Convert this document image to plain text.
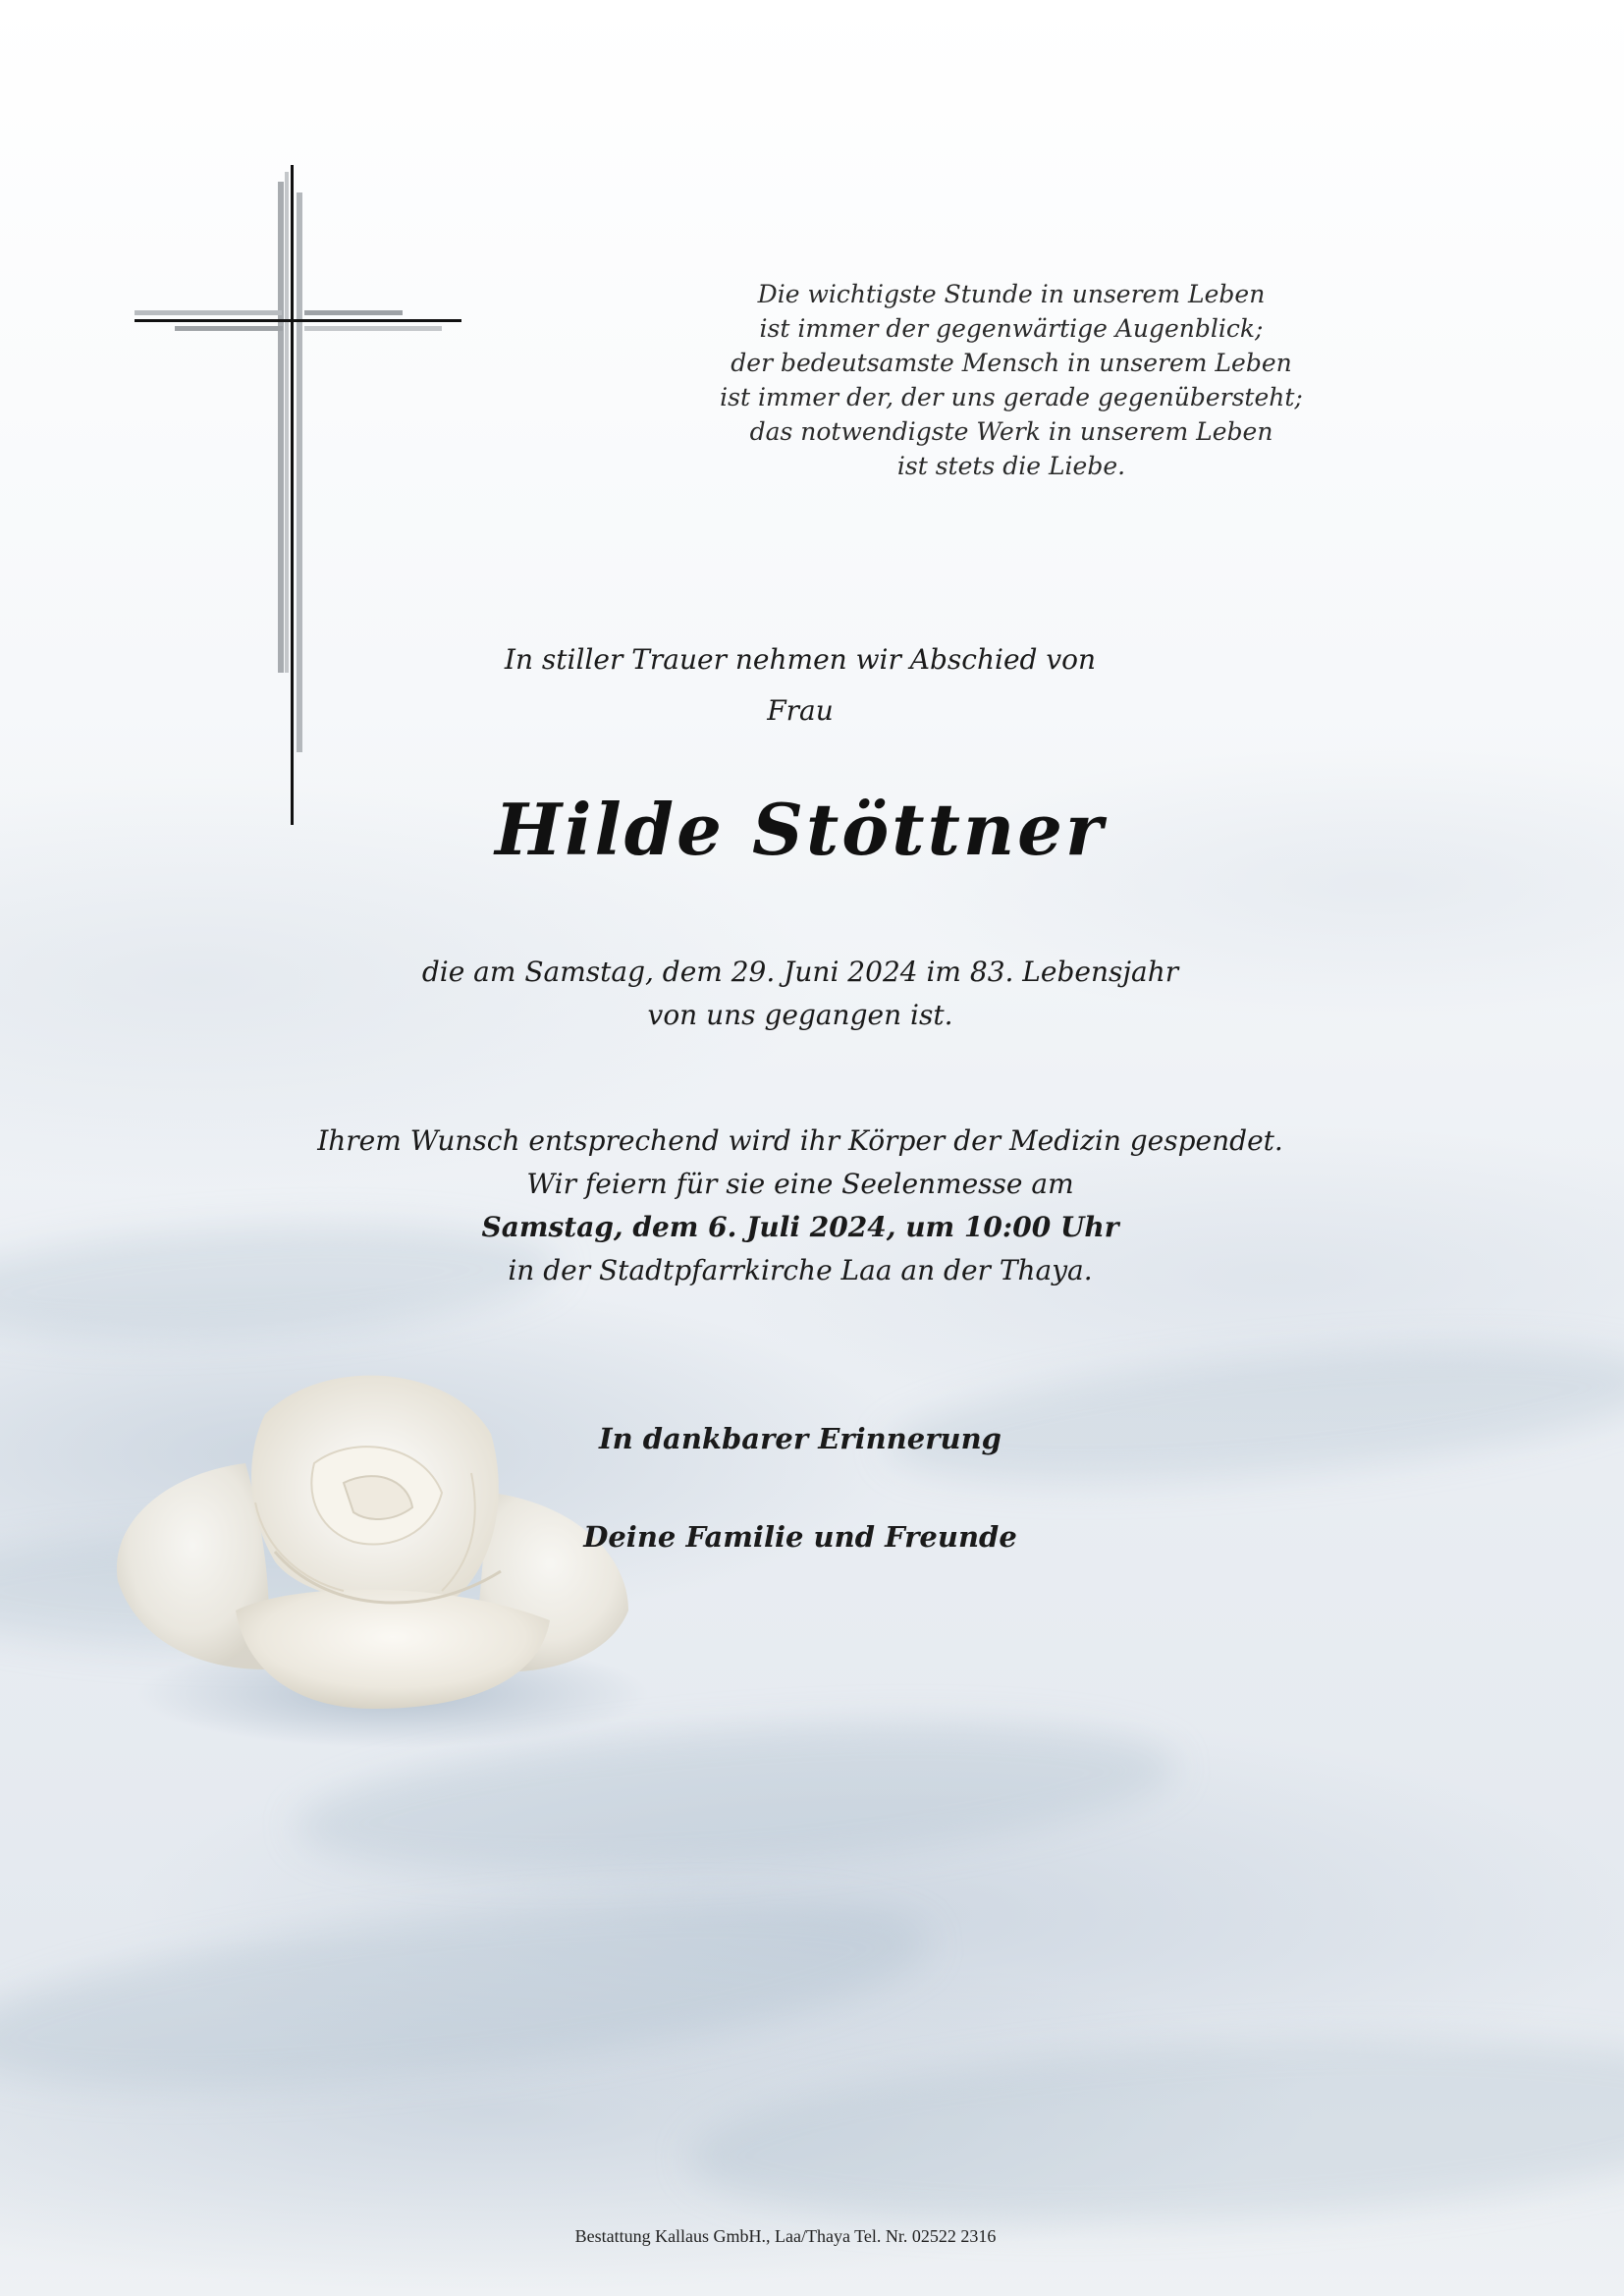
Die wichtigste Stunde in unserem Leben
ist immer der gegenwärtige Augenblick;
der bedeutsamste Mensch in unserem Leben
ist immer der, der uns gerade gegenübersteht;
das notwendigste Werk in unserem Leben
ist stets die Liebe.
In stiller Trauer nehmen wir Abschied von
Frau
Hilde Stöttner
die am Samstag, dem 29. Juni 2024 im 83. Lebensjahr
von uns gegangen ist.
Ihrem Wunsch entsprechend wird ihr Körper der Medizin gespendet.
Wir feiern für sie eine Seelenmesse am
Samstag, dem 6. Juli 2024, um 10:00 Uhr
in der Stadtpfarrkirche Laa an der Thaya.
In dankbarer Erinnerung
Deine Familie und Freunde
Bestattung Kallaus GmbH., Laa/Thaya Tel. Nr. 02522 2316
